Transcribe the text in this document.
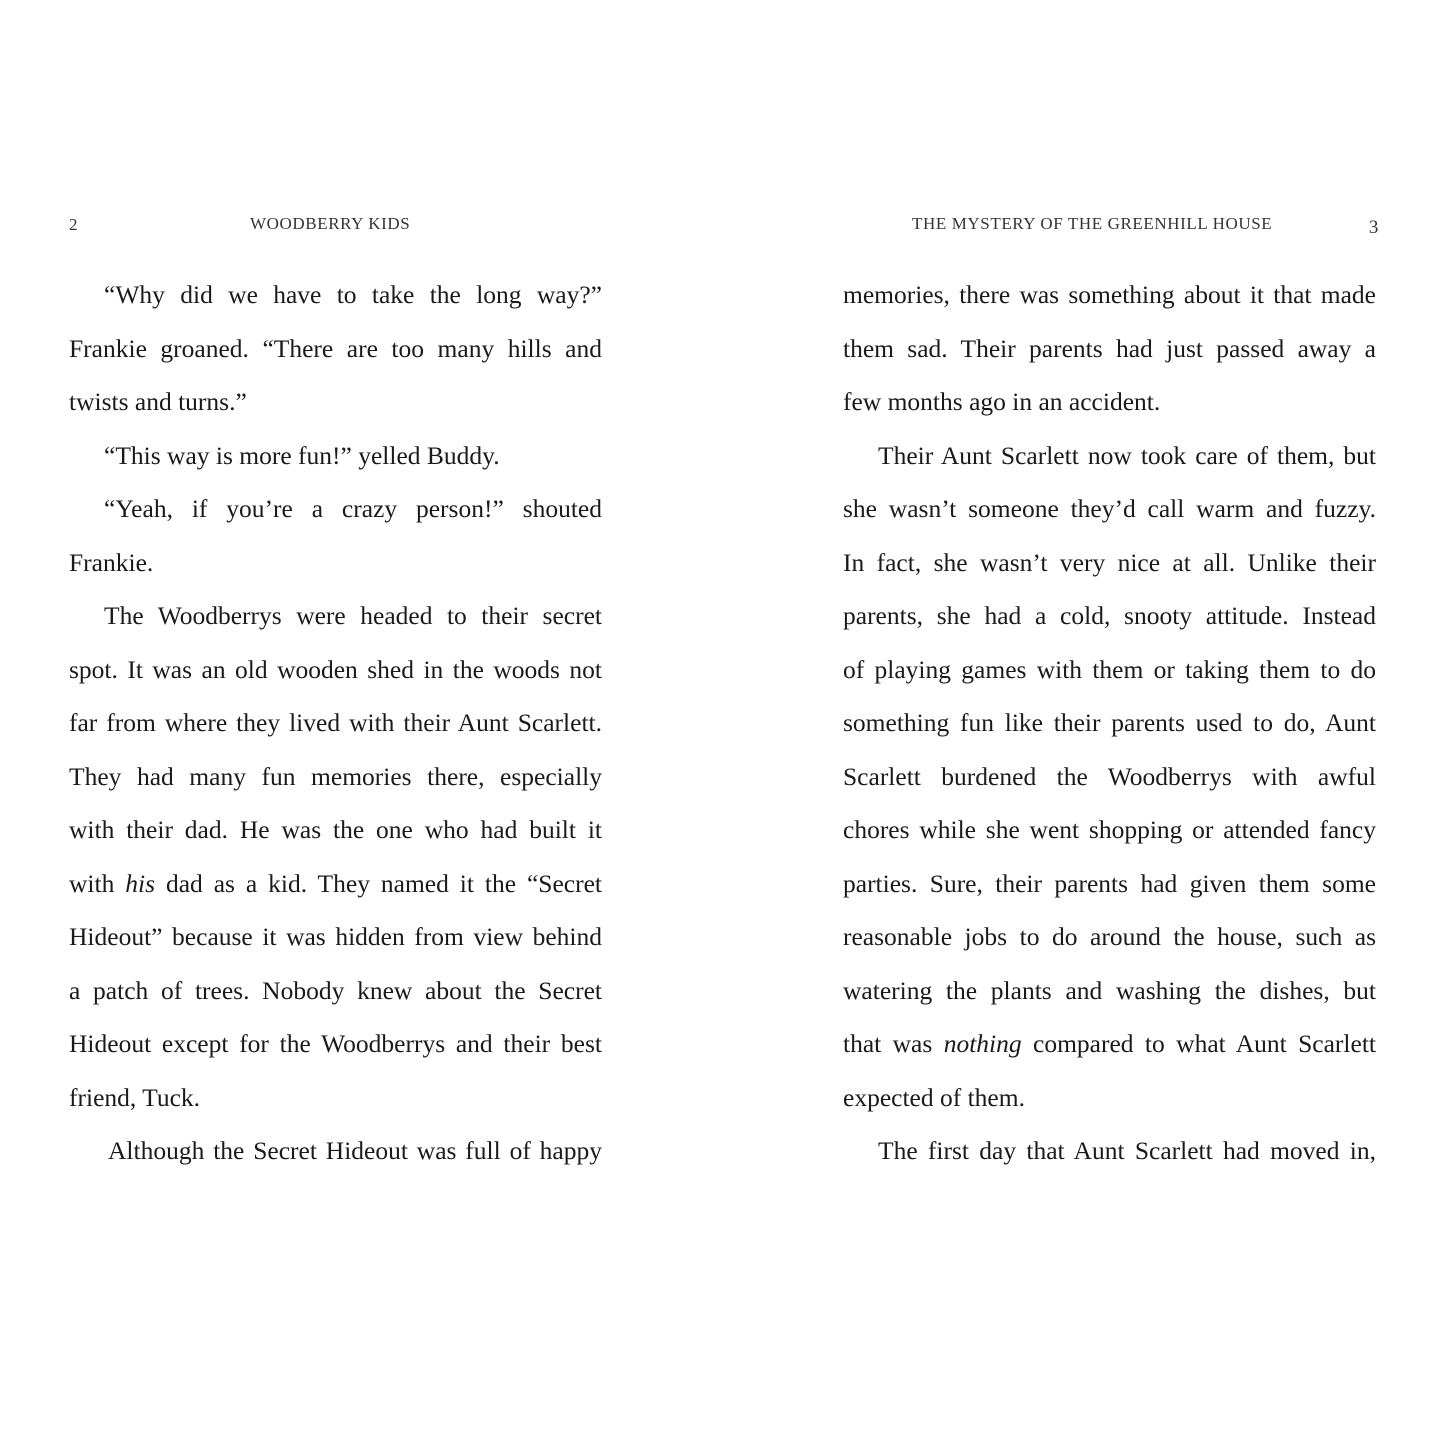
2	WOODBERRY KIDS
“Why did we have to take the long way?”
Frankie groaned. “There are too many hills and
twists and turns.”
“This way is more fun!” yelled Buddy.
“Yeah, if you’re a crazy person!” shouted
Frankie.
The Woodberrys were headed to their secret
spot. It was an old wooden shed in the woods not
far from where they lived with their Aunt Scarlett.
They had many fun memories there, especially
with their dad. He was the one who had built it
with his dad as a kid. They named it the “Secret
Hideout” because it was hidden from view behind
a patch of trees. Nobody knew about the Secret
Hideout except for the Woodberrys and their best
friend, Tuck.
Although the Secret Hideout was full of happy
THE MYSTERY OF THE GREENHILL HOUSE	3
memories, there was something about it that made
them sad. Their parents had just passed away a
few months ago in an accident.
Their Aunt Scarlett now took care of them, but
she wasn’t someone they’d call warm and fuzzy.
In fact, she wasn’t very nice at all. Unlike their
parents, she had a cold, snooty attitude. Instead
of playing games with them or taking them to do
something fun like their parents used to do, Aunt
Scarlett burdened the Woodberrys with awful
chores while she went shopping or attended fancy
parties. Sure, their parents had given them some
reasonable jobs to do around the house, such as
watering the plants and washing the dishes, but
that was nothing compared to what Aunt Scarlett
expected of them.
The first day that Aunt Scarlett had moved in,
